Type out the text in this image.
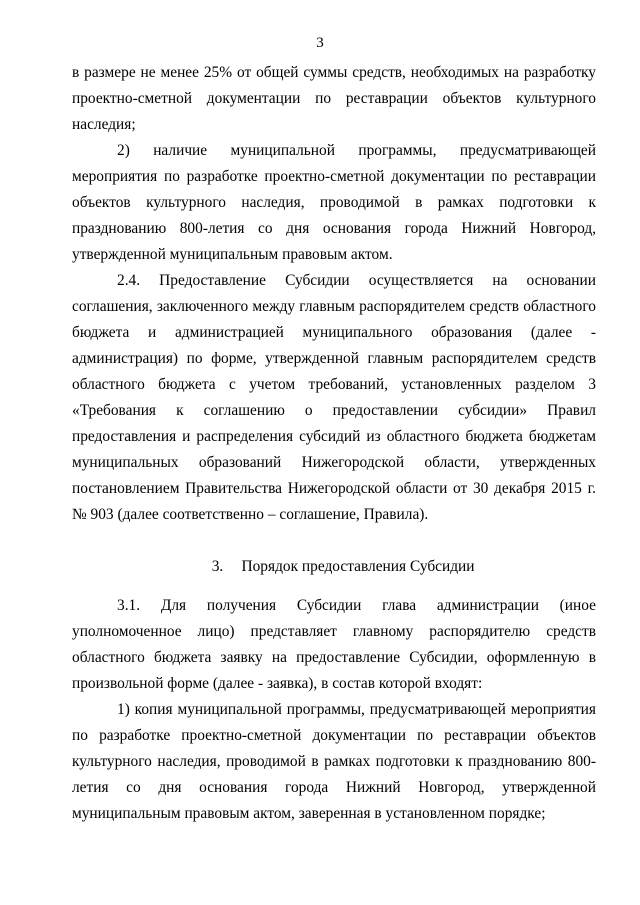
3

в размере не менее 25% от общей суммы средств, необходимых на разработку проектно-сметной документации по реставрации объектов культурного наследия;

2) наличие муниципальной программы, предусматривающей мероприятия по разработке проектно-сметной документации по реставрации объектов культурного наследия, проводимой в рамках подготовки к празднованию 800-летия со дня основания города Нижний Новгород, утвержденной муниципальным правовым актом.

2.4. Предоставление Субсидии осуществляется на основании соглашения, заключенного между главным распорядителем средств областного бюджета и администрацией муниципального образования (далее - администрация) по форме, утвержденной главным распорядителем средств областного бюджета с учетом требований, установленных разделом 3 «Требования к соглашению о предоставлении субсидии» Правил предоставления и распределения субсидий из областного бюджета бюджетам муниципальных образований Нижегородской области, утвержденных постановлением Правительства Нижегородской области от 30 декабря 2015 г. № 903 (далее соответственно – соглашение, Правила).

3. Порядок предоставления Субсидии

3.1. Для получения Субсидии глава администрации (иное уполномоченное лицо) представляет главному распорядителю средств областного бюджета заявку на предоставление Субсидии, оформленную в произвольной форме (далее - заявка), в состав которой входят:

1) копия муниципальной программы, предусматривающей мероприятия по разработке проектно-сметной документации по реставрации объектов культурного наследия, проводимой в рамках подготовки к празднованию 800-летия со дня основания города Нижний Новгород, утвержденной муниципальным правовым актом, заверенная в установленном порядке;
